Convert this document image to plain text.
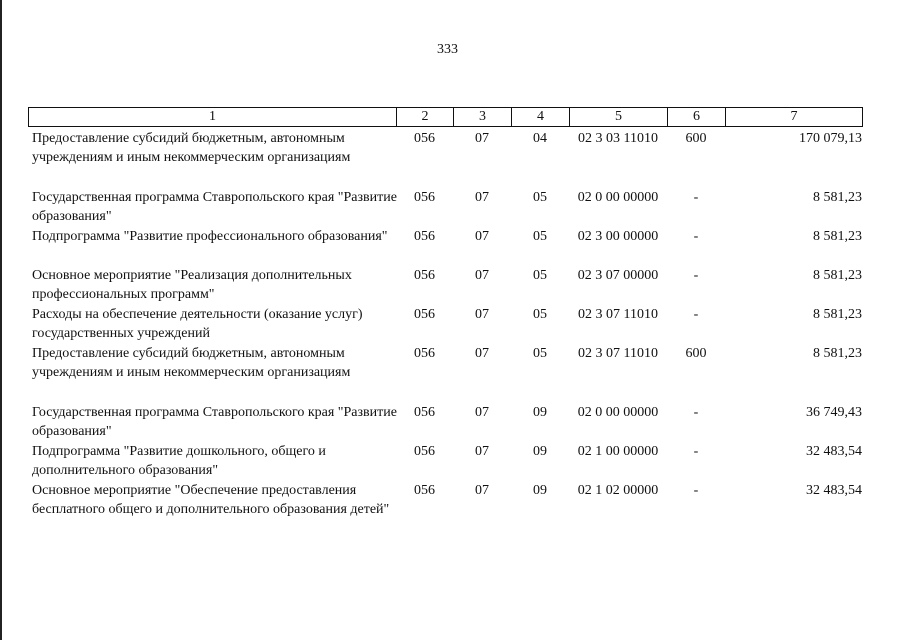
333
1	2	3	4	5	6	7
Предоставление субсидий бюджетным, автономным учреждениям и иным некоммерческим организациям
056	07	04	02 3 03 11010	600	170 079,13
Государственная программа Ставропольского края "Развитие образования"
056	07	05	02 0 00 00000	-	8 581,23
Подпрограмма "Развитие профессионального образования"	056	07	05	02 3 00 00000	-	8 581,23
Основное мероприятие "Реализация дополнительных профессиональных программ"
056	07	05	02 3 07 00000	-	8 581,23
Расходы на обеспечение деятельности (оказание услуг) государственных учреждений
056	07	05	02 3 07 11010	-	8 581,23
Предоставление субсидий бюджетным, автономным учреждениям и иным некоммерческим организациям
056	07	05	02 3 07 11010	600	8 581,23
Государственная программа Ставропольского края "Развитие образования"
056	07	09	02 0 00 00000	-	36 749,43
Подпрограмма "Развитие дошкольного, общего и дополнительного образования"
056	07	09	02 1 00 00000	-	32 483,54
Основное мероприятие "Обеспечение предоставления бесплатного общего и дополнительного образования детей"
056	07	09	02 1 02 00000	-	32 483,54
